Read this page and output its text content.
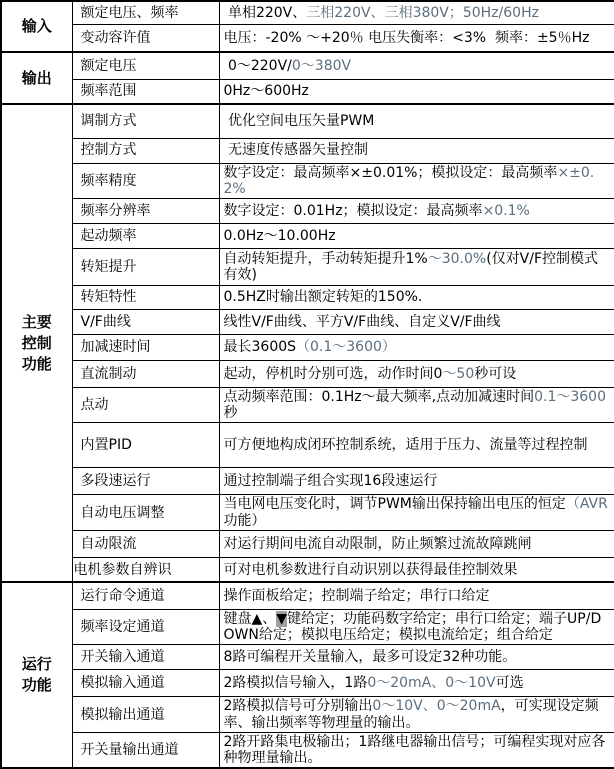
输入	额定电压、频率	单相220V、三相220V、三相380V；50Hz/60Hz
	变动容许值	电压：-20% ～+20％ 电压失衡率：<3%  频率：±5％Hz
输出	额定电压	0～220V/0～380V
	频率范围	0Hz～600Hz
主要控制功能	调制方式	优化空间电压矢量PWM
	控制方式	无速度传感器矢量控制
	频率精度	数字设定：最高频率×±0.01%；模拟设定：最高频率×±0.2%
	频率分辨率	数字设定：0.01Hz；模拟设定：最高频率×0.1%
	起动频率	0.0Hz～10.00Hz
	转矩提升	自动转矩提升，手动转矩提升1%～30.0%(仅对V/F控制模式有效)
	转矩特性	0.5HZ时输出额定转矩的150%.
	V/F曲线	线性V/F曲线、平方V/F曲线、自定义V/F曲线
	加减速时间	最长3600S（0.1～3600）
	直流制动	起动，停机时分别可选，动作时间0～50秒可设
	点动	点动频率范围：0.1Hz～最大频率,点动加减速时间0.1～3600秒
	内置PID	可方便地构成闭环控制系统，适用于压力、流量等过程控制
	多段速运行	通过控制端子组合实现16段速运行
	自动电压调整	当电网电压变化时，调节PWM输出保持输出电压的恒定（AVR功能）
	自动限流	对运行期间电流自动限制，防止频繁过流故障跳闸
	电机参数自辨识	可对电机参数进行自动识别以获得最佳控制效果
运行功能	运行命令通道	操作面板给定；控制端子给定；串行口给定
	频率设定通道	键盘▲、▼键给定；功能码数字给定；串行口给定；端子UP/DOWN给定；模拟电压给定；模拟电流给定；组合给定
	开关输入通道	8路可编程开关量输入，最多可设定32种功能。
	模拟输入通道	2路模拟信号输入，1路0～20mA、0～10V可选
	模拟输出通道	2路模拟信号可分别输出0～10V、0～20mA，可实现设定频率、输出频率等物理量的输出。
	开关量输出通道	2路开路集电极输出；1路继电器输出信号；可编程实现对应各种物理量输出。
